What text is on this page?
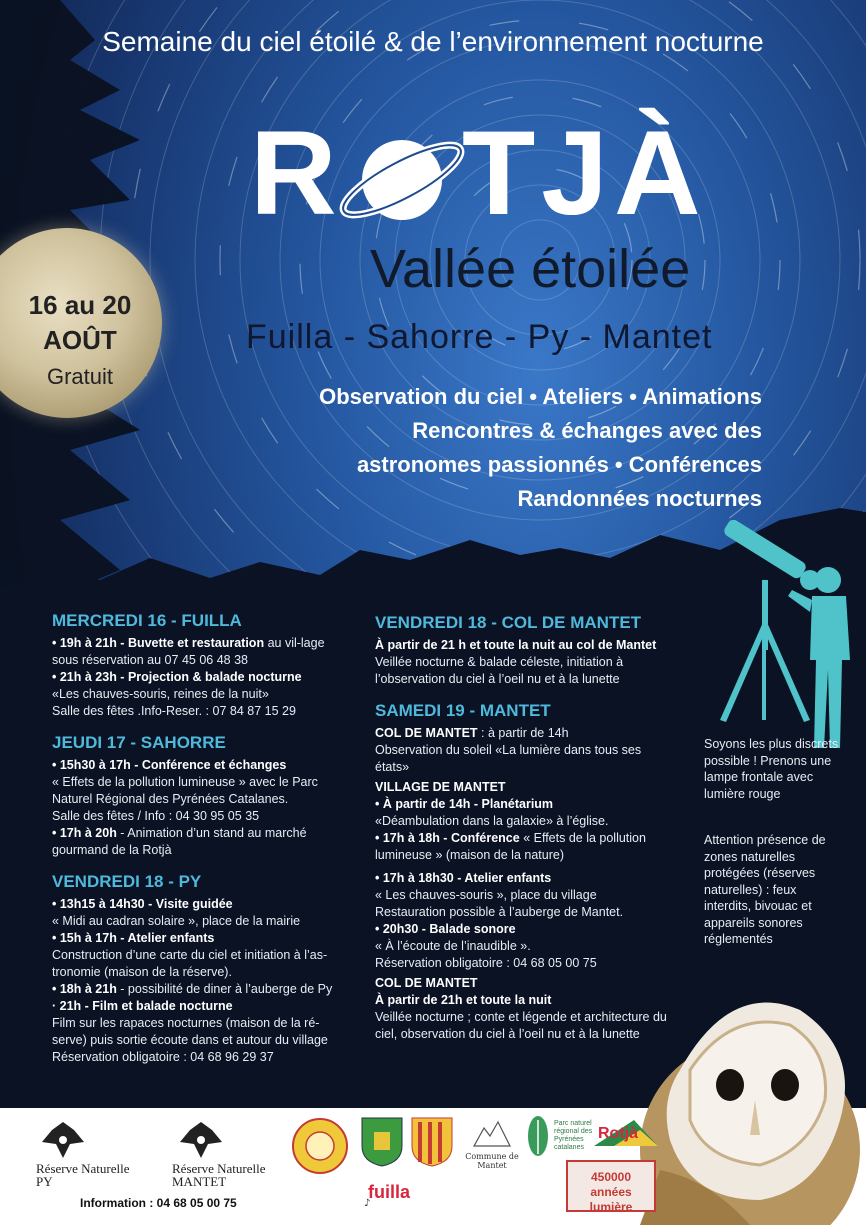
Semaine du ciel étoilé & de l’environnement nocturne
R TJÀ
Vallée étoilée
Fuilla - Sahorre - Py - Mantet
16 au 20
AOÛT
Gratuit
Observation du ciel • Ateliers • Animations
Rencontres & échanges avec des
astronomes passionnés • Conférences
Randonnées nocturnes
MERCREDI 16 - FUILLA
• 19h à 21h - Buvette et restauration au vil-lage sous réservation au 07 45 06 48 38
• 21h à 23h - Projection & balade nocturne
«Les chauves-souris, reines de la nuit»
Salle des fêtes .Info-Reser. : 07 84 87 15 29
JEUDI 17 - SAHORRE
• 15h30 à 17h - Conférence et échanges
« Effets de la pollution lumineuse » avec le Parc Naturel Régional des Pyrénées Catalanes.
Salle des fêtes / Info : 04 30 95 05 35
• 17h à 20h - Animation d’un stand au marché gourmand de la Rotjà
VENDREDI 18 - PY
• 13h15 à 14h30 - Visite guidée
« Midi au cadran solaire », place de la mairie
• 15h à 17h - Atelier enfants
Construction d’une carte du ciel et initiation à l’as-tronomie (maison de la réserve).
• 18h à 21h - possibilité de diner à l’auberge de Py
· 21h - Film et balade nocturne
Film sur les rapaces nocturnes (maison de la ré-serve) puis sortie écoute dans et autour du village
Réservation obligatoire : 04 68 96 29 37
VENDREDI 18 - COL DE MANTET
À partir de 21 h et toute la nuit au col de Mantet
Veillée nocturne & balade céleste, initiation à l’observation du ciel à l’oeil nu et à la lunette
SAMEDI 19 - MANTET
COL DE MANTET : à partir de 14h
Observation du soleil «La lumière dans tous ses états»
VILLAGE DE MANTET
• À partir de 14h - Planétarium
«Déambulation dans la galaxie» à l’église.
• 17h à 18h - Conférence « Effets de la pollution lumineuse » (maison de la nature)
• 17h à 18h30 - Atelier enfants
« Les chauves-souris », place du village
Restauration possible à l’auberge de Mantet.
• 20h30 - Balade sonore
« À l’écoute de l’inaudible ».
Réservation obligatoire : 04 68 05 00 75
COL DE MANTET
À partir de 21h et toute la nuit
Veillée nocturne ; conte et légende et architecture du ciel, observation du ciel à l’oeil nu et à la lunette
Soyons les plus discrets possible ! Prenons une lampe frontale avec lumière rouge
Attention présence de zones naturelles protégées (réserves naturelles) : feux interdits, bivouac et appareils sonores réglementés
Réserve Naturelle
PY
Réserve Naturelle
MANTET
Information : 04 68 05 00 75
fuilla
♪
Commune de Mantet
Parc naturel régional des Pyrénées catalanes
Rotjà
450000
années lumière
